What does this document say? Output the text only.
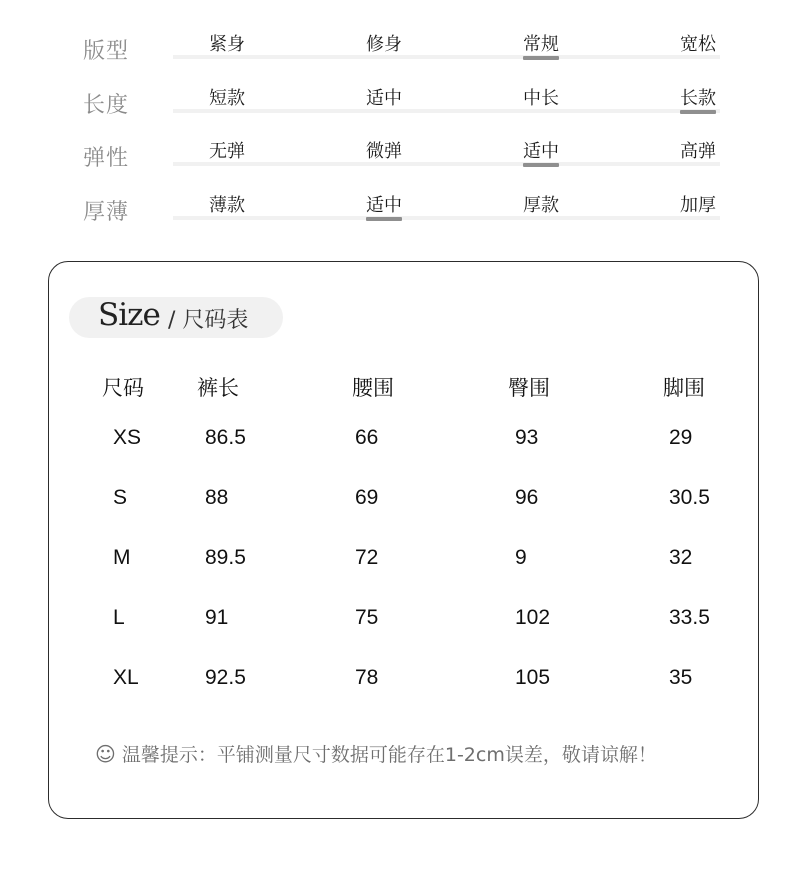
版型	紧身	修身	常规	宽松
长度	短款	适中	中长	长款
弹性	无弹	微弹	适中	高弹
厚薄	薄款	适中	厚款	加厚
Size / 尺码表
尺码	裤长	腰围	臀围	脚围
XS	86.5	66	93	29
S	88	69	96	30.5
M	89.5	72	9	32
L	91	75	102	33.5
XL	92.5	78	105	35
☺ 温馨提示：平铺测量尺寸数据可能存在1-2cm误差，敬请谅解！
